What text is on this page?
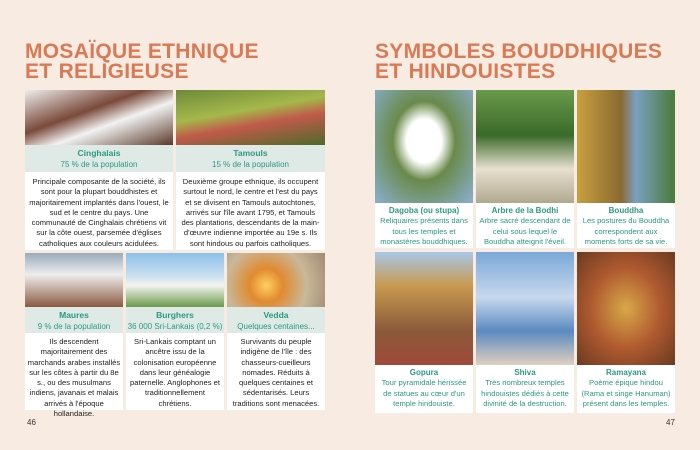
MOSAÏQUE ETHNIQUE
ET RELIGIEUSE
SYMBOLES BOUDDHIQUES
ET HINDOUISTES
Cinghalais
75 % de la population
Tamouls
15 % de la population
Principale composante de la société, ils sont pour la plupart bouddhistes et majoritairement implantés dans l'ouest, le sud et le centre du pays. Une communauté de Cinghalais chrétiens vit sur la côte ouest, parsemée d'églises catholiques aux couleurs acidulées.
Deuxième groupe ethnique, ils occupent surtout le nord, le centre et l'est du pays et se divisent en Tamouls autochtones, arrivés sur l'île avant 1795, et Tamouls des plantations, descendants de la main-d'œuvre indienne importée au 19e s. Ils sont hindous ou parfois catholiques.
Maures
9 % de la population
Burghers
36 000 Sri-Lankais (0,2 %)
Vedda
Quelques centaines...
Ils descendent majoritairement des marchands arabes installés sur les côtes à partir du 8e s., ou des musulmans indiens, javanais et malais arrivés à l'époque hollandaise.
Sri-Lankais comptant un ancêtre issu de la colonisation européenne dans leur généalogie paternelle. Anglophones et traditionnellement chrétiens.
Survivants du peuple indigène de l'île : des chasseurs-cueilleurs nomades. Réduits à quelques centaines et sédentarisés. Leurs traditions sont menacées.
46
Dagoba (ou stupa)
Reliquaires présents dans tous les temples et monastères bouddhiques.
Arbre de la Bodhi
Arbre sacré descendant de celui sous lequel le Bouddha atteignit l'éveil.
Bouddha
Les postures du Bouddha correspondent aux moments forts de sa vie.
Gopura
Tour pyramidale hérissée de statues au cœur d'un temple hindouiste.
Shiva
Très nombreux temples hindouistes dédiés à cette divinité de la destruction.
Ramayana
Poème épique hindou (Rama et singe Hanuman) présent dans les temples.
47
